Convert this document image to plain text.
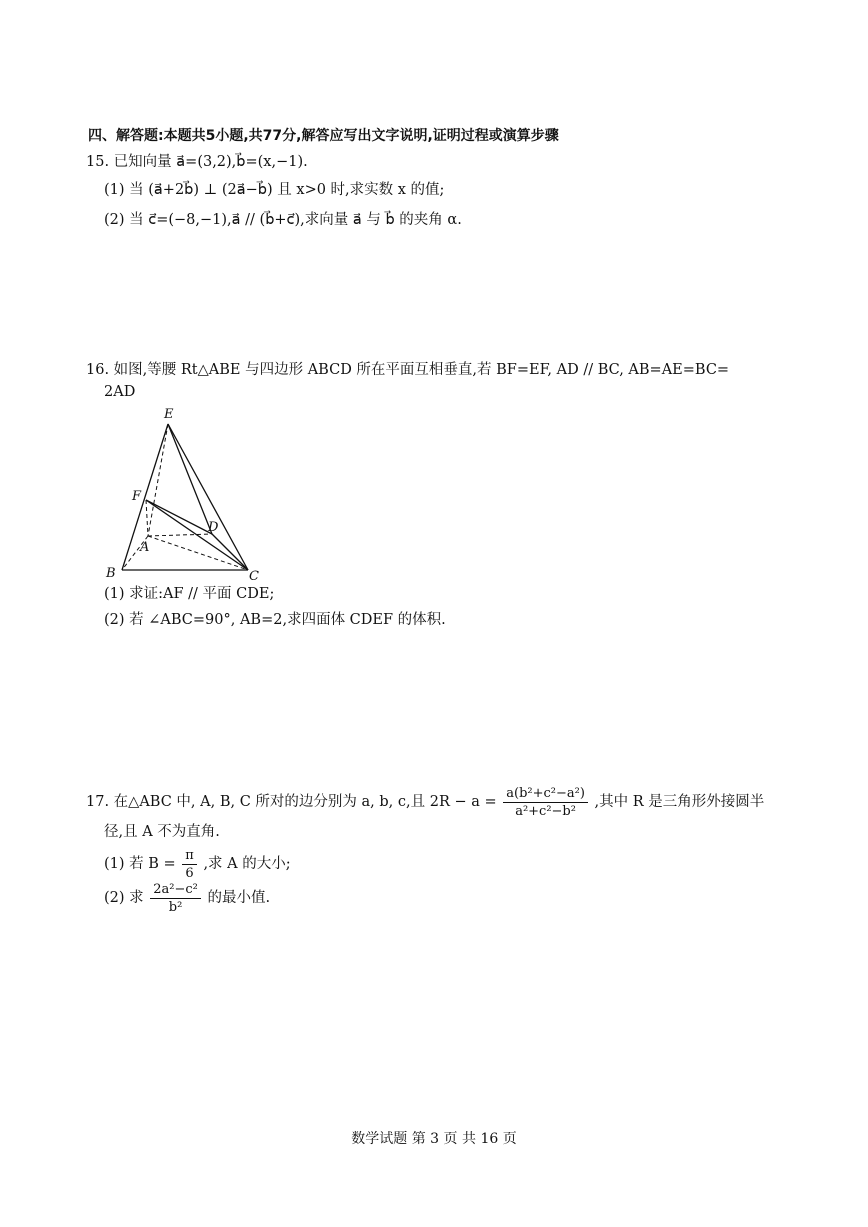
四、解答题:本题共5小题,共77分,解答应写出文字说明,证明过程或演算步骤
15. 已知向量 a⃗=(3,2),b⃗=(x,−1).
(1) 当 (a⃗+2b⃗) ⊥ (2a⃗−b⃗) 且 x>0 时,求实数 x 的值;
(2) 当 c⃗=(−8,−1),a⃗ // (b⃗+c⃗),求向量 a⃗ 与 b⃗ 的夹角 α.
16. 如图,等腰 Rt△ABE 与四边形 ABCD 所在平面互相垂直,若 BF=EF, AD // BC, AB=AE=BC=
2AD
E
F
A
D
B	C
(1) 求证:AF // 平面 CDE;
(2) 若 ∠ABC=90°, AB=2,求四面体 CDEF 的体积.
17. 在△ABC 中, A, B, C 所对的边分别为 a, b, c,且 $2R - a = \frac{\text{a(b²+c²−a²)}}{\text{a²+c²−b²}}$ ,其中 R 是三角形外接圆半
径,且 A 不为直角.
(1) 若 $B = \frac{\pi}{6}$ ,求 A 的大小;
(2) 求 $\frac{\text{2a²−c²}}{\text{b²}}$ 的最小值.
数学试题 第 3 页 共 16 页
